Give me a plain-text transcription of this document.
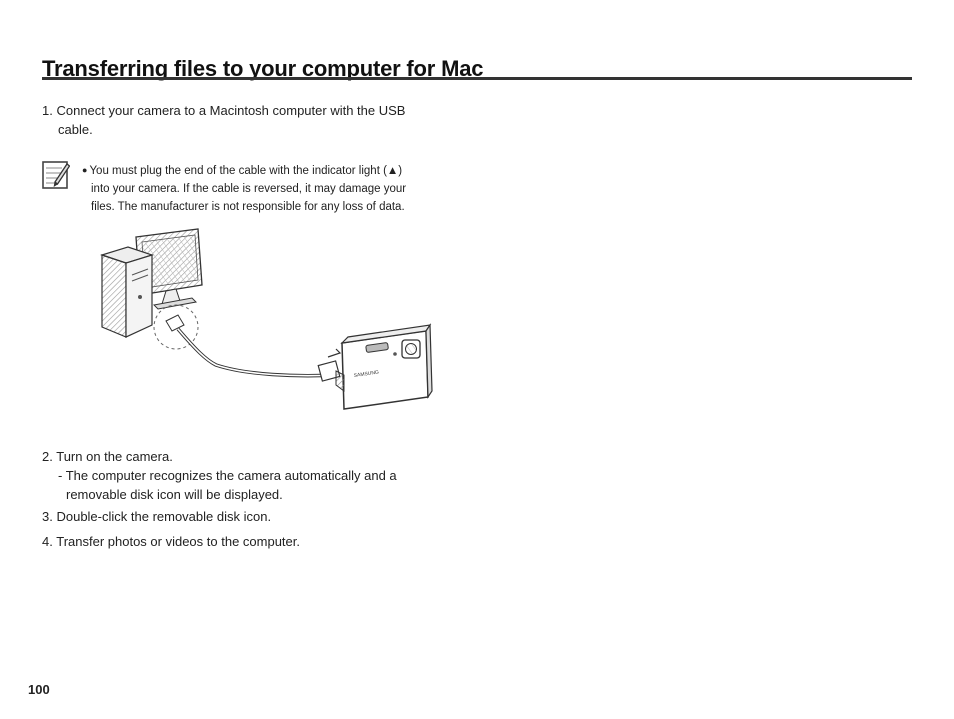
Transferring files to your computer for Mac
1. Connect your camera to a Macintosh computer with the USB
cable.
● You must plug the end of the cable with the indicator light (▲)
into your camera. If the cable is reversed, it may damage your
files. The manufacturer is not responsible for any loss of data.
SAMSUNG
2. Turn on the camera.
- The computer recognizes the camera automatically and a
removable disk icon will be displayed.
3. Double-click the removable disk icon.
4. Transfer photos or videos to the computer.
100
